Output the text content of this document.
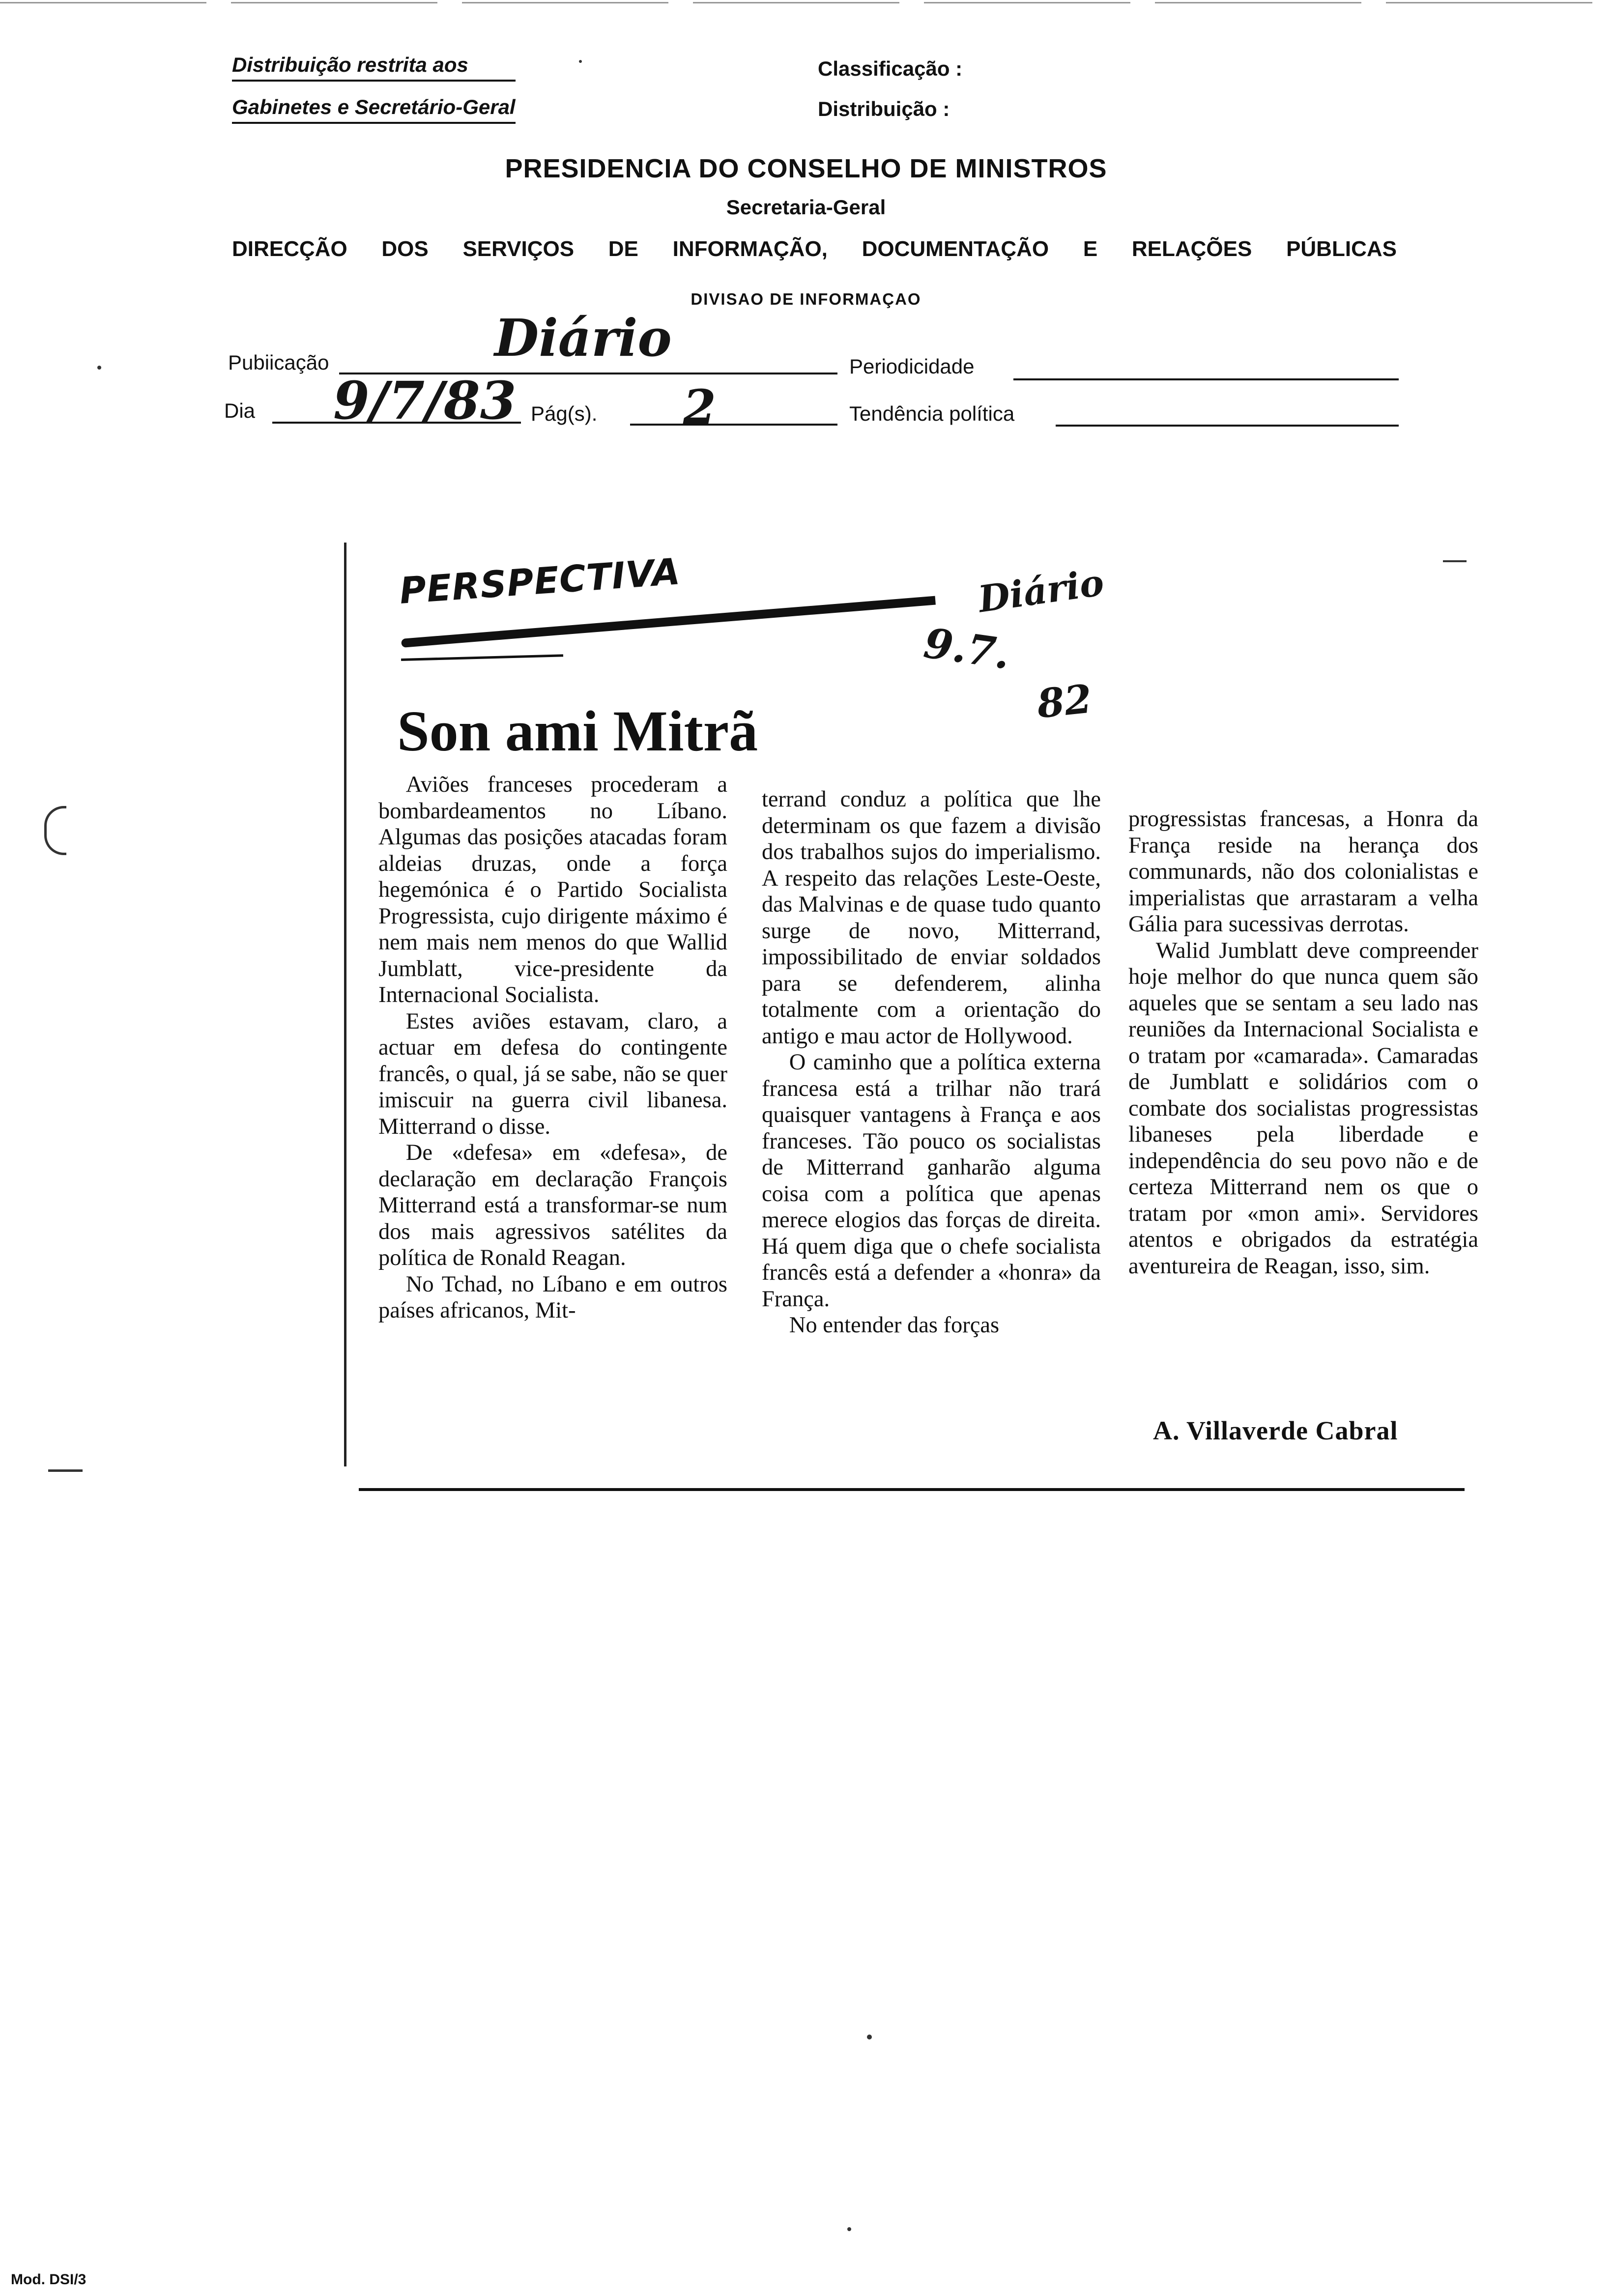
Distribuição restrita aos
Gabinetes e Secretário-Geral
Classificação :
Distribuição :
PRESIDENCIA DO CONSELHO DE MINISTROS
Secretaria-Geral
DIRECÇÃO DOS SERVIÇOS DE INFORMAÇÃO, DOCUMENTAÇÃO E RELAÇÕES PÚBLICAS
DIVISAO DE INFORMAÇAO
Pubiicação	Diário	Periodicidade
Dia 9/7/83 Pág(s). 2	Tendência política
PERSPECTIVA	Diário
9.7.
82
Son ami Mitrã

Aviões franceses procederam a bombardeamentos no Líbano. Algumas das posições atacadas foram aldeias druzas, onde a força hegemónica é o Partido Socialista Progressista, cujo dirigente máximo é nem mais nem menos do que Wallid Jumblatt, vice-presidente da Internacional Socialista.

Estes aviões estavam, claro, a actuar em defesa do contingente francês, o qual, já se sabe, não se quer imiscuir na guerra civil libanesa. Mitterrand o disse.

De «defesa» em «defesa», de declaração em declaração François Mitterrand está a transformar-se num dos mais agressivos satélites da política de Ronald Reagan.

No Tchad, no Líbano e em outros países africanos, Mit-

terrand conduz a política que lhe determinam os que fazem a divisão dos trabalhos sujos do imperialismo. A respeito das relações Leste-Oeste, das Malvinas e de quase tudo quanto surge de novo, Mitterrand, impossibilitado de enviar soldados para se defenderem, alinha totalmente com a orientação do antigo e mau actor de Hollywood.

O caminho que a política externa francesa está a trilhar não trará quaisquer vantagens à França e aos franceses. Tão pouco os socialistas de Mitterrand ganharão alguma coisa com a política que apenas merece elogios das forças de direita. Há quem diga que o chefe socialista francês está a defender a «honra» da França.

No entender das forças

progressistas francesas, a Honra da França reside na herança dos communards, não dos colonialistas e imperialistas que arrastaram a velha Gália para sucessivas derrotas.

Walid Jumblatt deve compreender hoje melhor do que nunca quem são aqueles que se sentam a seu lado nas reuniões da Internacional Socialista e o tratam por «camarada». Camaradas de Jumblatt e solidários com o combate dos socialistas progressistas libaneses pela liberdade e independência do seu povo não e de certeza Mitterrand nem os que o tratam por «mon ami». Servidores atentos e obrigados da estratégia aventureira de Reagan, isso, sim.

A. Villaverde Cabral
Mod. DSI/3
